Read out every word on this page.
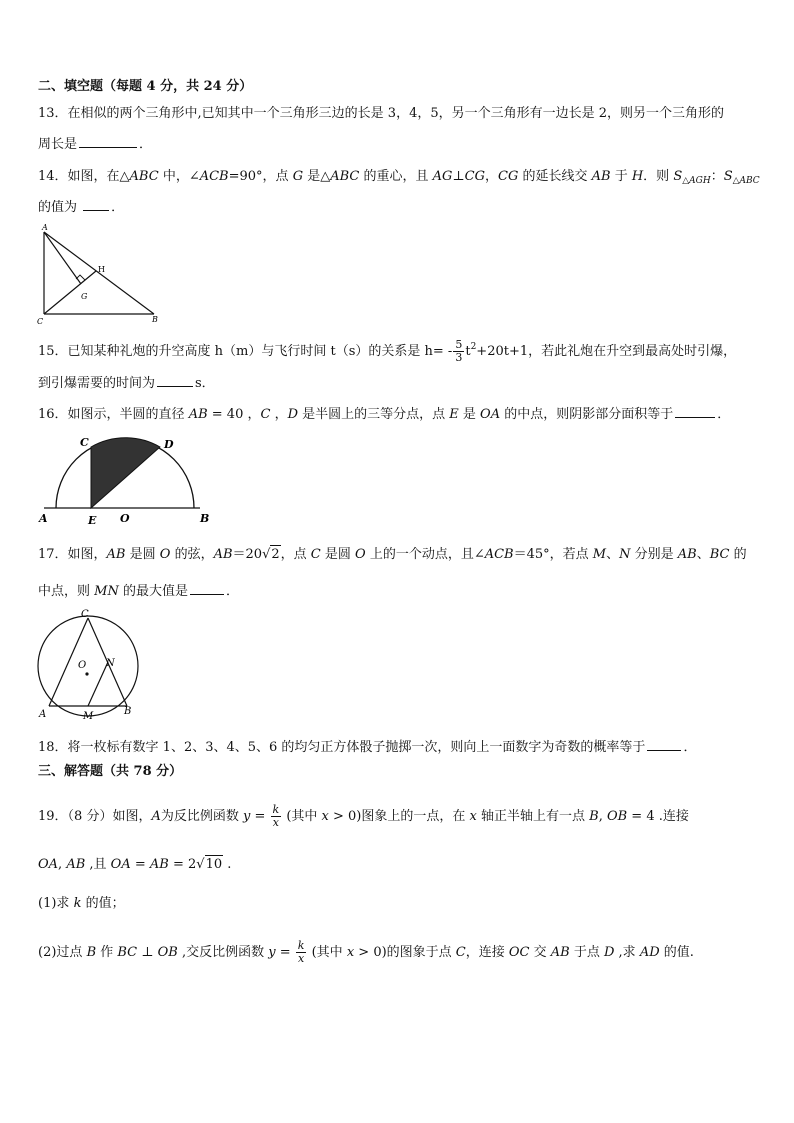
二、填空题（每题 4 分，共 24 分）
13．在相似的两个三角形中,已知其中一个三角形三边的长是 3，4，5，另一个三角形有一边长是 2，则另一个三角形的
周长是	．
14．如图，在△ABC 中，∠ACB=90°，点 G 是△ABC 的重心，且 AG⊥CG，CG 的延长线交 AB 于 H．则 $S_{\triangle AGH}$：$S_{\triangle ABC}$
的值为	．
A
C	B
H
G
15．已知某种礼炮的升空高度 h（m）与飞行时间 t（s）的关系是 $h= - \frac{5}{3} t^2+20t+1$，若此礼炮在升空到最高处时引爆，
到引爆需要的时间为	s．
16．如图示，半圆的直径 AB = 40 ，C ，D 是半圆上的三等分点，点 E 是 OA 的中点，则阴影部分面积等于	．
A	E O	B
C	D
17．如图，AB 是圆 O 的弦，AB＝20√2，点 C 是圆 O 上的一个动点，且∠ACB＝45°，若点 M、N 分别是 AB、BC 的
中点，则 MN 的最大值是	．
C
O N
A	M	B
18．将一枚标有数字 1、2、3、4、5、6 的均匀正方体骰子抛掷一次，则向上一面数字为奇数的概率等于	．
三、解答题（共 78 分）
19．（8 分）如图，A为反比例函数 $y = \frac{k}{x}$ (其中 x > 0)图象上的一点，在 x 轴正半轴上有一点 B, OB = 4 .连接
OA, AB ,且 OA = AB = 2√10 .
(1)求 k 的值；
(2)过点 B 作 BC ⊥ OB ,交反比例函数 $y = \frac{k}{x}$ (其中 x > 0)的图象于点 C，连接 OC 交 AB 于点 D ,求 AD 的值.
